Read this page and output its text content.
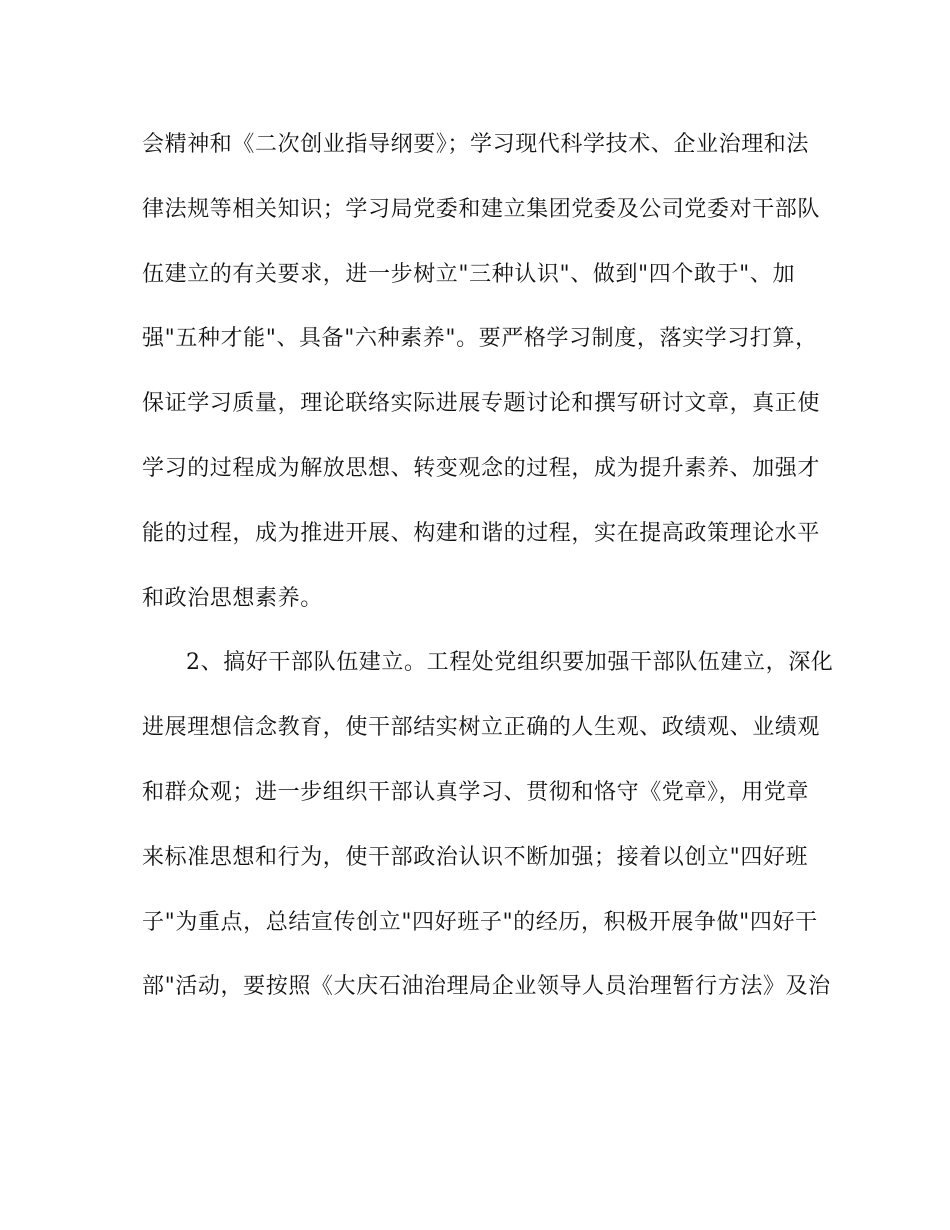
会精神和《二次创业指导纲要》；学习现代科学技术、企业治理和法
律法规等相关知识；学习局党委和建立集团党委及公司党委对干部队
伍建立的有关要求，进一步树立"三种认识"、做到"四个敢于"、加
强"五种才能"、具备"六种素养"。要严格学习制度，落实学习打算，
保证学习质量，理论联络实际进展专题讨论和撰写研讨文章，真正使
学习的过程成为解放思想、转变观念的过程，成为提升素养、加强才
能的过程，成为推进开展、构建和谐的过程，实在提高政策理论水平
和政治思想素养。
2、搞好干部队伍建立。工程处党组织要加强干部队伍建立，深化
进展理想信念教育，使干部结实树立正确的人生观、政绩观、业绩观
和群众观；进一步组织干部认真学习、贯彻和恪守《党章》，用党章
来标准思想和行为，使干部政治认识不断加强；接着以创立"四好班
子"为重点，总结宣传创立"四好班子"的经历，积极开展争做"四好干
部"活动，要按照《大庆石油治理局企业领导人员治理暂行方法》及治
